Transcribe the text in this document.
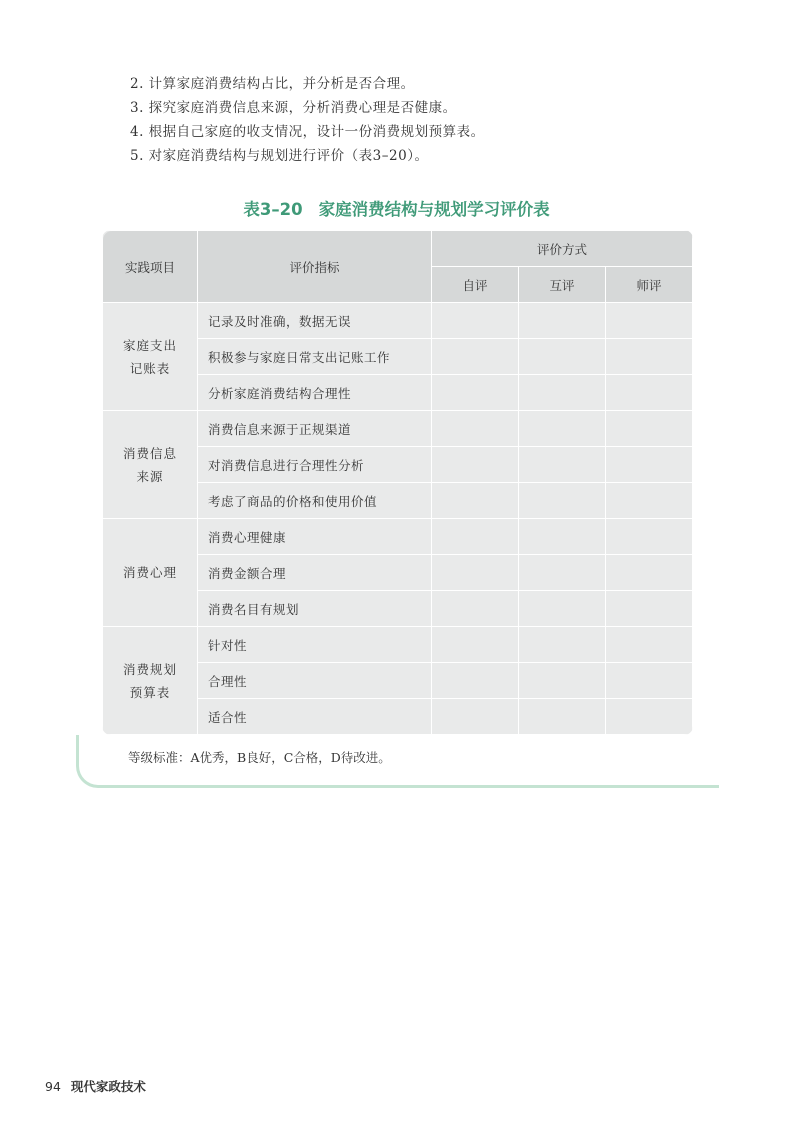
2. 计算家庭消费结构占比，并分析是否合理。
3. 探究家庭消费信息来源，分析消费心理是否健康。
4. 根据自己家庭的收支情况，设计一份消费规划预算表。
5. 对家庭消费结构与规划进行评价（表3–20）。
表3–20 家庭消费结构与规划学习评价表
实践项目	评价指标	评价方式		
		自评	互评	师评
家庭支出
记账表	记录及时准确，数据无误			
	积极参与家庭日常支出记账工作			
	分析家庭消费结构合理性			
消费信息
来源	消费信息来源于正规渠道			
	对消费信息进行合理性分析			
	考虑了商品的价格和使用价值			
消费心理	消费心理健康			
	消费金额合理			
	消费名目有规划			
消费规划
预算表	针对性			
	合理性			
	适合性			
等级标准：A优秀，B良好，C合格，D待改进。
94 现代家政技术
